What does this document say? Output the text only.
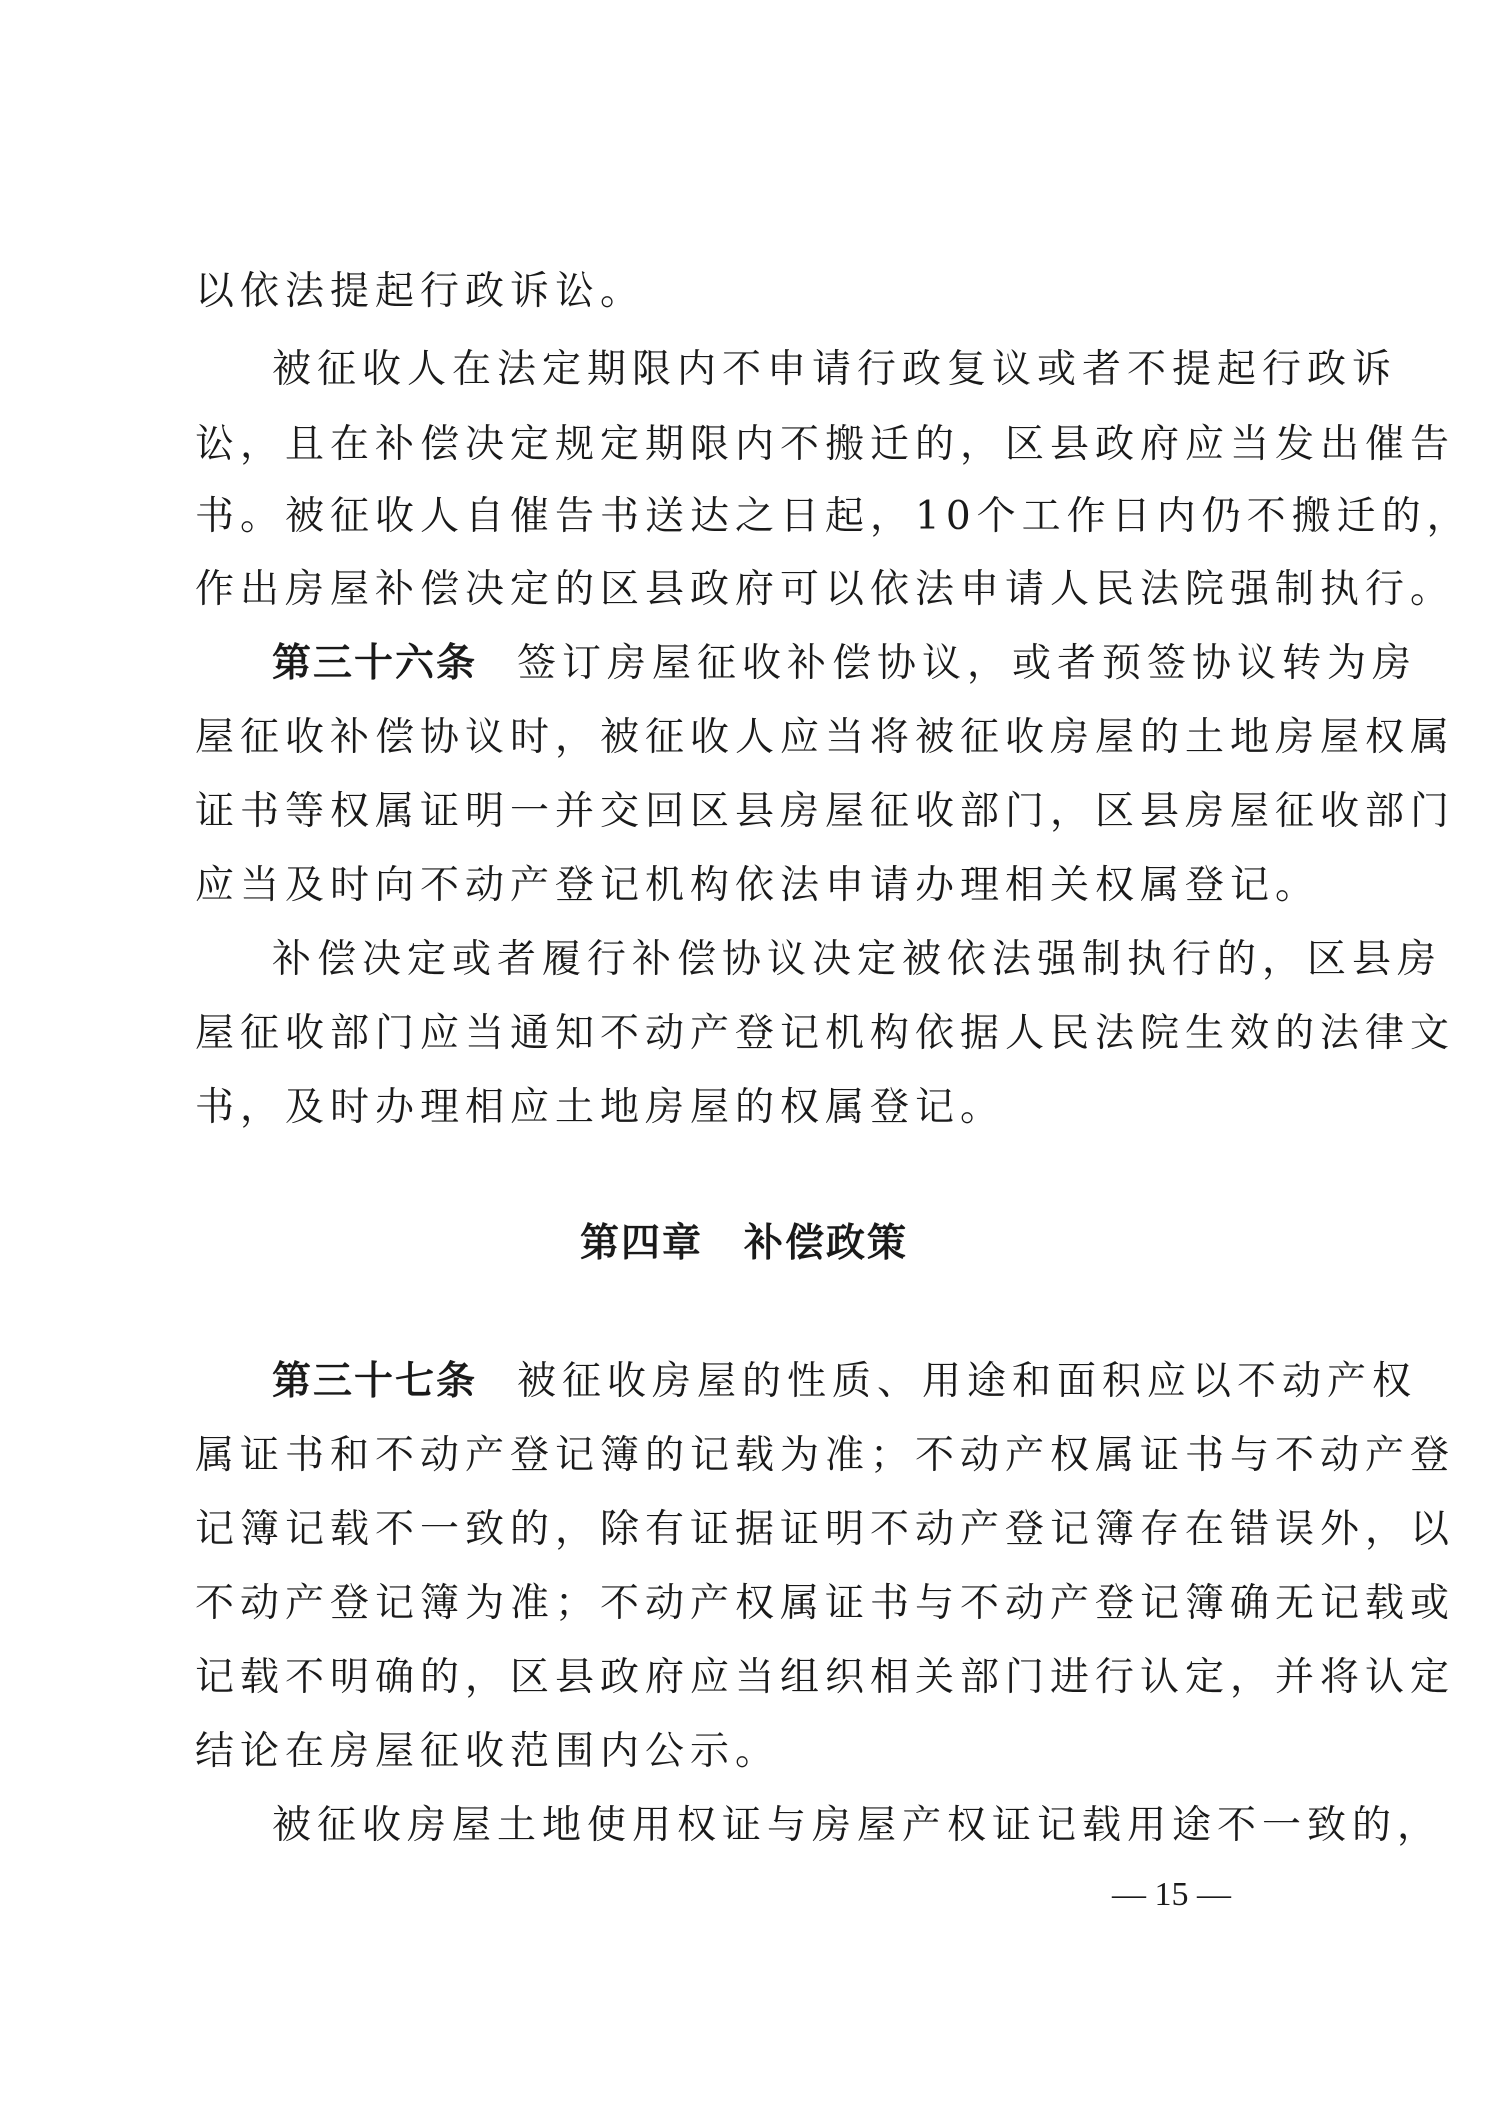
以依法提起行政诉讼。
被征收人在法定期限内不申请行政复议或者不提起行政诉
讼，且在补偿决定规定期限内不搬迁的，区县政府应当发出催告
书。被征收人自催告书送达之日起，10个工作日内仍不搬迁的，
作出房屋补偿决定的区县政府可以依法申请人民法院强制执行。
第三十六条 签订房屋征收补偿协议，或者预签协议转为房
屋征收补偿协议时，被征收人应当将被征收房屋的土地房屋权属
证书等权属证明一并交回区县房屋征收部门，区县房屋征收部门
应当及时向不动产登记机构依法申请办理相关权属登记。
补偿决定或者履行补偿协议决定被依法强制执行的，区县房
屋征收部门应当通知不动产登记机构依据人民法院生效的法律文
书，及时办理相应土地房屋的权属登记。
第四章　补偿政策
第三十七条 被征收房屋的性质、用途和面积应以不动产权
属证书和不动产登记簿的记载为准；不动产权属证书与不动产登
记簿记载不一致的，除有证据证明不动产登记簿存在错误外，以
不动产登记簿为准；不动产权属证书与不动产登记簿确无记载或
记载不明确的，区县政府应当组织相关部门进行认定，并将认定
结论在房屋征收范围内公示。
被征收房屋土地使用权证与房屋产权证记载用途不一致的，
— 15 —
